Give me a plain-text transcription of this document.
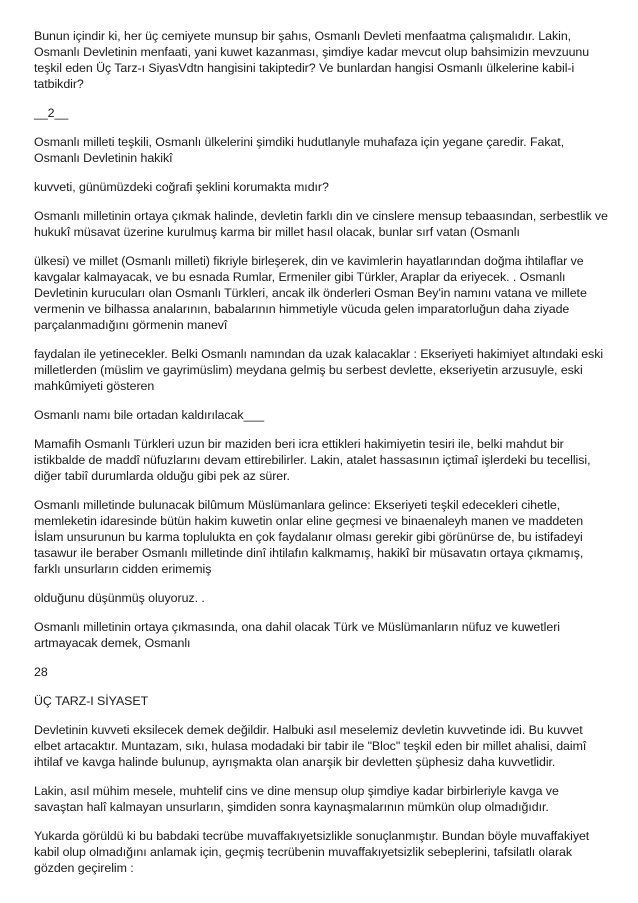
Bunun içindir ki, her üç cemiyete munsup bir şahıs, Osmanlı Devleti menfaatma çalışmalıdır. Lakin, Osmanlı Devletinin menfaati, yani kuwet kazanması, şimdiye kadar mevcut olup bahsimizin mevzuunu teşkil eden Üç Tarz-ı SiyasVdtn hangisini takiptedir? Ve bunlardan hangisi Osmanlı ülkelerine kabil-i tatbikdir?

__2__

Osmanlı milleti teşkili, Osmanlı ülkelerini şimdiki hudutlanyle muhafaza için yegane çaredir. Fakat, Osmanlı Devletinin hakikî

kuvveti, günümüzdeki coğrafi şeklini korumakta mıdır?

Osmanlı milletinin ortaya çıkmak halinde, devletin farklı din ve cinslere mensup tebaasından, serbestlik ve hukukî müsavat üzerine kurulmuş karma bir millet hasıl olacak, bunlar sırf vatan (Osmanlı

ülkesi) ve millet (Osmanlı milleti) fikriyle birleşerek, din ve kavimlerin hayatlarından doğma ihtilaflar ve kavgalar kalmayacak, ve bu esnada Rumlar, Ermeniler gibi Türkler, Araplar da eriyecek. . Osmanlı Devletinin kurucuları olan Osmanlı Türkleri, ancak ilk önderleri Osman Bey'in namını vatana ve millete vermenin ve bilhassa analarının, babalarının himmetiyle vücuda gelen imparatorluğun daha ziyade parçalanmadığını görmenin manevî

faydalan ile yetinecekler. Belki Osmanlı namından da uzak kalacaklar : Ekseriyeti hakimiyet altındaki eski milletlerden (müslim ve gayrimüslim) meydana gelmiş bu serbest devlette, ekseriyetin arzusuyle, eski mahkûmiyeti gösteren

Osmanlı namı bile ortadan kaldırılacak___

Mamafih Osmanlı Türkleri uzun bir maziden beri icra ettikleri hakimiyetin tesiri ile, belki mahdut bir istikbalde de maddî nüfuzlarını devam ettirebilirler. Lakin, atalet hassasının içtimaî işlerdeki bu tecellisi, diğer tabiî durumlarda olduğu gibi pek az sürer.

Osmanlı milletinde bulunacak bilûmum Müslümanlara gelince: Ekseriyeti teşkil edecekleri cihetle, memleketin idaresinde bütün hakim kuwetin onlar eline geçmesi ve binaenaleyh manen ve maddeten İslam unsurunun bu karma toplulukta en çok faydalanır olması gerekir gibi görünürse de, bu istifadeyi tasawur ile beraber Osmanlı milletinde dinî ihtilafın kalkmamış, hakikî bir müsavatın ortaya çıkmamış, farklı unsurların cidden erimemiş

olduğunu düşünmüş oluyoruz. .

Osmanlı milletinin ortaya çıkmasında, ona dahil olacak Türk ve Müslümanların nüfuz ve kuwetleri artmayacak demek, Osmanlı

28

ÜÇ TARZ-I SİYASET

Devletinin kuvveti eksilecek demek değildir. Halbuki asıl meselemiz devletin kuvvetinde idi. Bu kuvvet elbet artacaktır. Muntazam, sıkı, hulasa modadaki bir tabir ile "Bloc" teşkil eden bir millet ahalisi, daimî ihtilaf ve kavga halinde bulunup, ayrışmakta olan anarşik bir devletten şüphesiz daha kuvvetlidir.

Lakin, asıl mühim mesele, muhtelif cins ve dine mensup olup şimdiye kadar birbirleriyle kavga ve savaştan halî kalmayan unsurların, şimdiden sonra kaynaşmalarının mümkün olup olmadığıdır.

Yukarda görüldü ki bu babdaki tecrübe muvaffakıyetsizlikle sonuçlanmıştır. Bundan böyle muvaffakiyet kabil olup olmadığını anlamak için, geçmiş tecrübenin muvaffakıyetsizlik sebeplerini, tafsilatlı olarak gözden geçirelim :
